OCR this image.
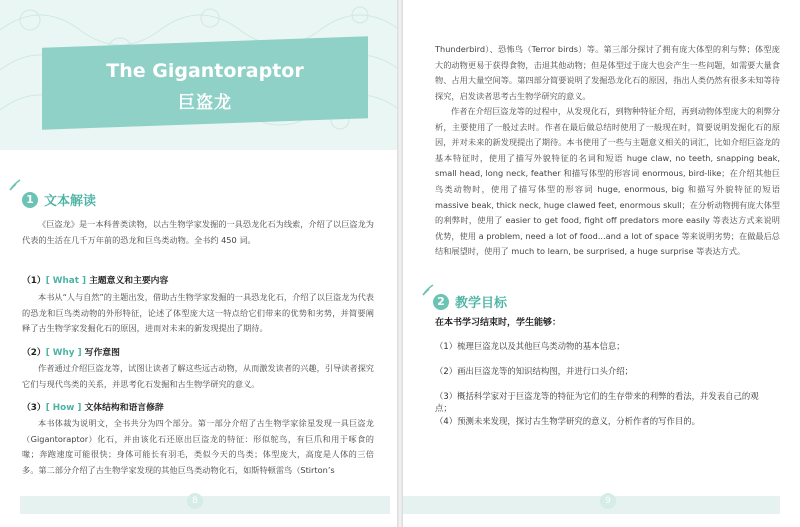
The Gigantoraptor
巨盗龙
1 文本解读
《巨盗龙》是一本科普类读物，以古生物学家发掘的一具恐龙化石为线索，介绍了以巨盗龙为代表的生活在几千万年前的恐龙和巨鸟类动物。全书约 450 词。
（1）[ What ] 主题意义和主要内容
本书从“人与自然”的主题出发，借助古生物学家发掘的一具恐龙化石，介绍了以巨盗龙为代表的恐龙和巨鸟类动物的外形特征，论述了体型庞大这一特点给它们带来的优势和劣势，并简要阐释了古生物学家发掘化石的原因，进而对未来的新发现提出了期待。
（2）[ Why ] 写作意图
作者通过介绍巨盗龙等，试图让读者了解这些远古动物，从而激发读者的兴趣，引导读者探究它们与现代鸟类的关系，并思考化石发掘和古生物学研究的意义。
（3）[ How ] 文体结构和语言修辞
本书体裁为说明文，全书共分为四个部分。第一部分介绍了古生物学家徐星发现一具巨盗龙（Gigantoraptor）化石，并由该化石还原出巨盗龙的特征：形似鸵鸟，有巨爪和用于啄食的喙；奔跑速度可能很快；身体可能长有羽毛，类似今天的鸟类；体型庞大，高度是人体的三倍多。第二部分介绍了古生物学家发现的其他巨鸟类动物化石，如斯特顿雷鸟（Stirton’s
8
Thunderbird）、恐怖鸟（Terror birds）等。第三部分探讨了拥有庞大体型的利与弊；体型庞大的动物更易于获得食物，击退其他动物；但是体型过于庞大也会产生一些问题，如需要大量食物、占用大量空间等。第四部分简要说明了发掘恐龙化石的原因，指出人类仍然有很多未知等待探究，启发读者思考古生物学研究的意义。
作者在介绍巨盗龙等的过程中，从发现化石，到物种特征介绍，再到动物体型庞大的利弊分析，主要使用了一般过去时。作者在最后做总结时使用了一般现在时，简要说明发掘化石的原因，并对未来的新发现提出了期待。本书使用了一些与主题意义相关的词汇，比如介绍巨盗龙的基本特征时，使用了描写外貌特征的名词和短语 huge claw, no teeth, snapping beak, small head, long neck, feather 和描写体型的形容词 enormous, bird-like；在介绍其他巨鸟类动物时，使用了描写体型的形容词 huge, enormous, big 和描写外貌特征的短语 massive beak, thick neck, huge clawed feet, enormous skull；在分析动物拥有庞大体型的利弊时，使用了 easier to get food, fight off predators more easily 等表达方式来说明优势，使用 a problem, need a lot of food...and a lot of space 等来说明劣势；在做最后总结和展望时，使用了 much to learn, be surprised, a huge surprise 等表达方式。
2 教学目标
在本书学习结束时，学生能够：
（1）梳理巨盗龙以及其他巨鸟类动物的基本信息；
（2）画出巨盗龙等的知识结构图，并进行口头介绍；
（3）概括科学家对于巨盗龙等的特征为它们的生存带来的利弊的看法，并发表自己的观点；
（4）预测未来发现，探讨古生物学研究的意义，分析作者的写作目的。
9
